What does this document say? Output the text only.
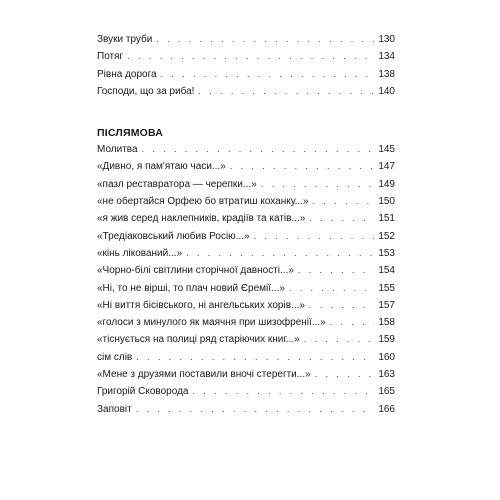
Звуки труби . . .	130
Потяг . . .	134
Рівна дорога . . .	138
Господи, що за риба! . . .	140
ПІСЛЯМОВА
Молитва . . .	145
«Дивно, я пам'ятаю часи...» . . .	147
«пазл реставратора — черепки...» . . .	149
«не обертайся Орфею бо втратиш коханку...» . . .	150
«я жив серед наклепників, крадіїв та катів...» . . .	151
«Тредіаковський любив Росію...» . . .	152
«кінь лікований...» . . .	153
«Чорно-білі світлини сторічної давності...» . . .	154
«Ні, то не вірші, то плач новий Єремії...» . . .	155
«Ні виття бісівського, ні ангельських хорів...» . . .	157
«голоси з минулого як маячня при шизофренії...» . . .	158
«тіснується на полиці ряд старіючих книг...» . . .	159
сім слів . . .	160
«Мене з друзями поставили вночі стерегти...» . . .	163
Григорій Сковорода . . .	165
Заповіт . . .	166
